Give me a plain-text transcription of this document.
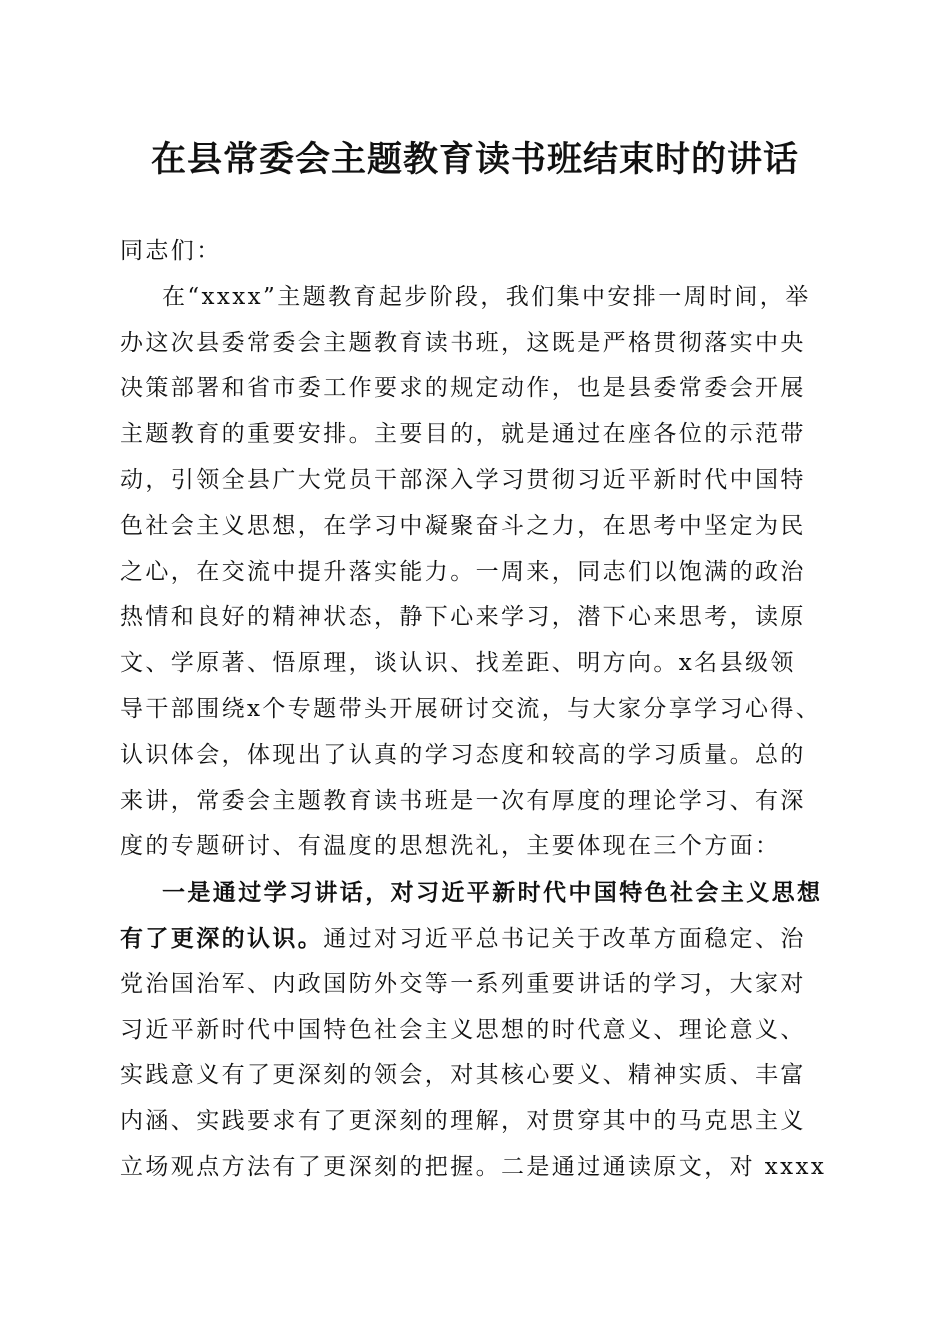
在县常委会主题教育读书班结束时的讲话
同志们：
在“xxxx”主题教育起步阶段，我们集中安排一周时间，举
办这次县委常委会主题教育读书班，这既是严格贯彻落实中央
决策部署和省市委工作要求的规定动作，也是县委常委会开展
主题教育的重要安排。主要目的，就是通过在座各位的示范带
动，引领全县广大党员干部深入学习贯彻习近平新时代中国特
色社会主义思想，在学习中凝聚奋斗之力，在思考中坚定为民
之心，在交流中提升落实能力。一周来，同志们以饱满的政治
热情和良好的精神状态，静下心来学习，潜下心来思考，读原
文、学原著、悟原理，谈认识、找差距、明方向。x名县级领
导干部围绕x个专题带头开展研讨交流，与大家分享学习心得、
认识体会，体现出了认真的学习态度和较高的学习质量。总的
来讲，常委会主题教育读书班是一次有厚度的理论学习、有深
度的专题研讨、有温度的思想洗礼，主要体现在三个方面：
一是通过学习讲话，对习近平新时代中国特色社会主义思想
有了更深的认识。通过对习近平总书记关于改革方面稳定、治
党治国治军、内政国防外交等一系列重要讲话的学习，大家对
习近平新时代中国特色社会主义思想的时代意义、理论意义、
实践意义有了更深刻的领会，对其核心要义、精神实质、丰富
内涵、实践要求有了更深刻的理解，对贯穿其中的马克思主义
立场观点方法有了更深刻的把握。二是通过通读原文，对 xxxx
